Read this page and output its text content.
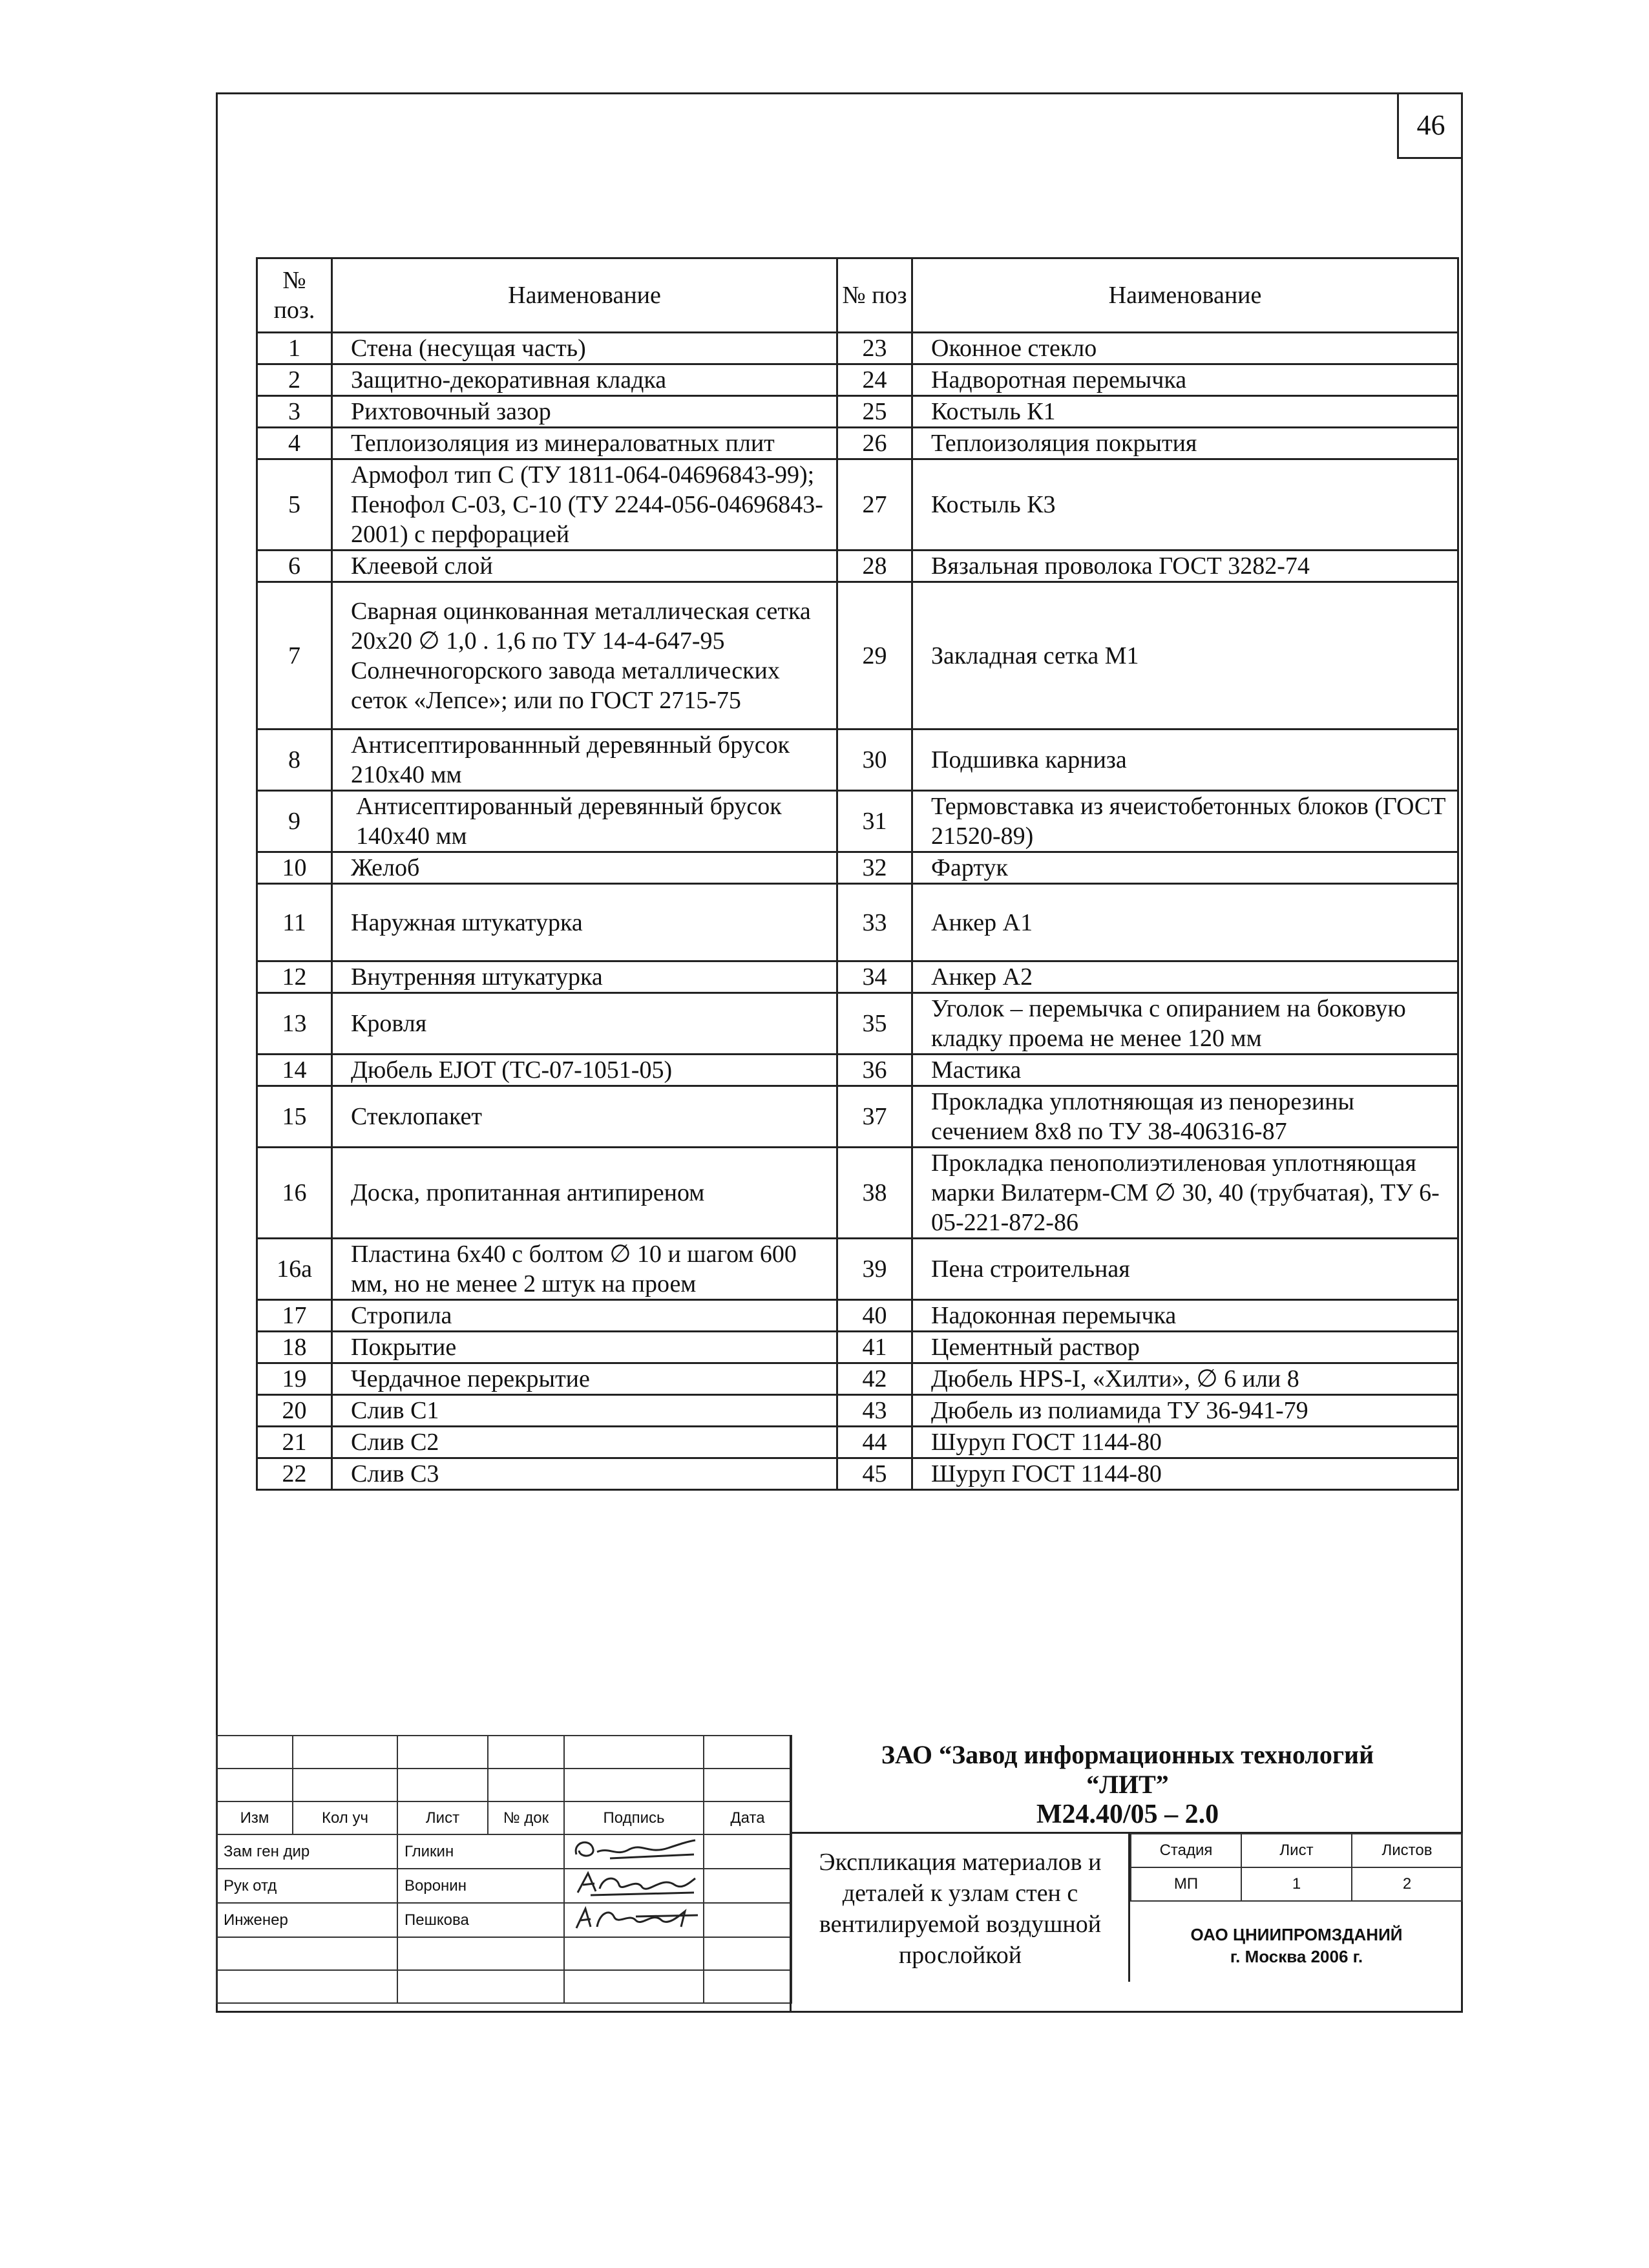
46
№ поз.	Наименование	№ поз	Наименование
1	Стена (несущая часть)	23	Оконное стекло
2	Защитно-декоративная кладка	24	Надворотная перемычка
3	Рихтовочный зазор	25	Костыль К1
4	Теплоизоляция из минераловатных плит	26	Теплоизоляция покрытия
5	Армофол тип С (ТУ 1811-064-04696843-99); Пенофол С-03, С-10 (ТУ 2244-056-04696843-2001) с перфорацией	27	Костыль К3
6	Клеевой слой	28	Вязальная проволока ГОСТ 3282-74
7	Сварная оцинкованная металлическая сетка 20х20 ∅ 1,0 . 1,6 по ТУ 14-4-647-95 Солнечногорского завода металлических сеток «Лепсе»; или по ГОСТ 2715-75	29	Закладная сетка М1
8	Антисептированнный деревянный брусок 210х40 мм	30	Подшивка карниза
9	Антисептированный деревянный брусок 140х40 мм	31	Термовставка из ячеистобетонных блоков (ГОСТ 21520-89)
10	Желоб	32	Фартук
11	Наружная штукатурка	33	Анкер А1
12	Внутренняя штукатурка	34	Анкер А2
13	Кровля	35	Уголок – перемычка с опиранием на боковую кладку проема не менее 120 мм
14	Дюбель EJOT (ТС-07-1051-05)	36	Мастика
15	Стеклопакет	37	Прокладка уплотняющая из пенорезины сечением 8х8 по ТУ 38-406316-87
16	Доска, пропитанная антипиреном	38	Прокладка пенополиэтиленовая уплотняющая марки Вилатерм-СМ ∅ 30, 40 (трубчатая), ТУ 6-05-221-872-86
16а	Пластина 6х40 с болтом ∅ 10 и шагом 600 мм, но не менее 2 штук на проем	39	Пена строительная
17	Стропила	40	Надоконная перемычка
18	Покрытие	41	Цементный раствор
19	Чердачное перекрытие	42	Дюбель HPS-I, «Хилти», ∅ 6 или 8
20	Слив С1	43	Дюбель из полиамида ТУ 36-941-79
21	Слив С2	44	Шуруп ГОСТ 1144-80
22	Слив С3	45	Шуруп ГОСТ 1144-80

Изм	Кол уч	Лист	№ док	Подпись	Дата
Зам ген дир		Гликин		
Рук отд		Воронин		
Инженер		Пешкова		

ЗАО “Завод информационных технологий
“ЛИТ”
М24.40/05 – 2.0
Экспликация материалов и деталей к узлам стен с вентилируемой воздушной прослойкой
Стадия	Лист	Листов
МП	1	2
ОАО ЦНИИПРОМЗДАНИЙ
г. Москва 2006 г.
